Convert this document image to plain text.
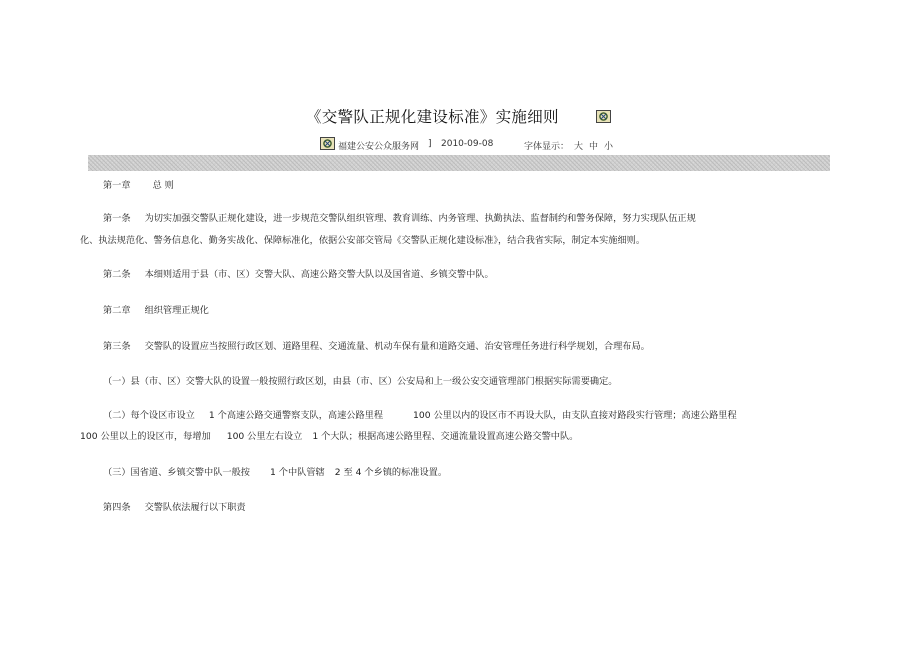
《交警队正规化建设标准》实施细则
福建公安公众服务网 ] 2010-09-08	字体显示： 大 中 小
第一章 总 则
第一条 为切实加强交警队正规化建设，进一步规范交警队组织管理、教育训练、内务管理、执勤执法、监督制约和警务保障，努力实现队伍正规
化、执法规范化、警务信息化、勤务实战化、保障标准化，依据公安部交管局《交警队正规化建设标准》，结合我省实际，制定本实施细则。
第二条 本细则适用于县（市、区）交警大队、高速公路交警大队以及国省道、乡镇交警中队。
第二章 组织管理正规化
第三条 交警队的设置应当按照行政区划、道路里程、交通流量、机动车保有量和道路交通、治安管理任务进行科学规划，合理布局。
（一）县（市、区）交警大队的设置一般按照行政区划，由县（市、区）公安局和上一级公安交通管理部门根据实际需要确定。
（二）每个设区市设立 1 个高速公路交通警察支队，高速公路里程	100 公里以内的设区市不再设大队，由支队直接对路段实行管理；高速公路里程
100 公里以上的设区市，每增加 100 公里左右设立 1 个大队；根据高速公路里程、交通流量设置高速公路交警中队。
（三）国省道、乡镇交警中队一般按 1 个中队管辖 2 至 4 个乡镇的标准设置。
第四条 交警队依法履行以下职责
